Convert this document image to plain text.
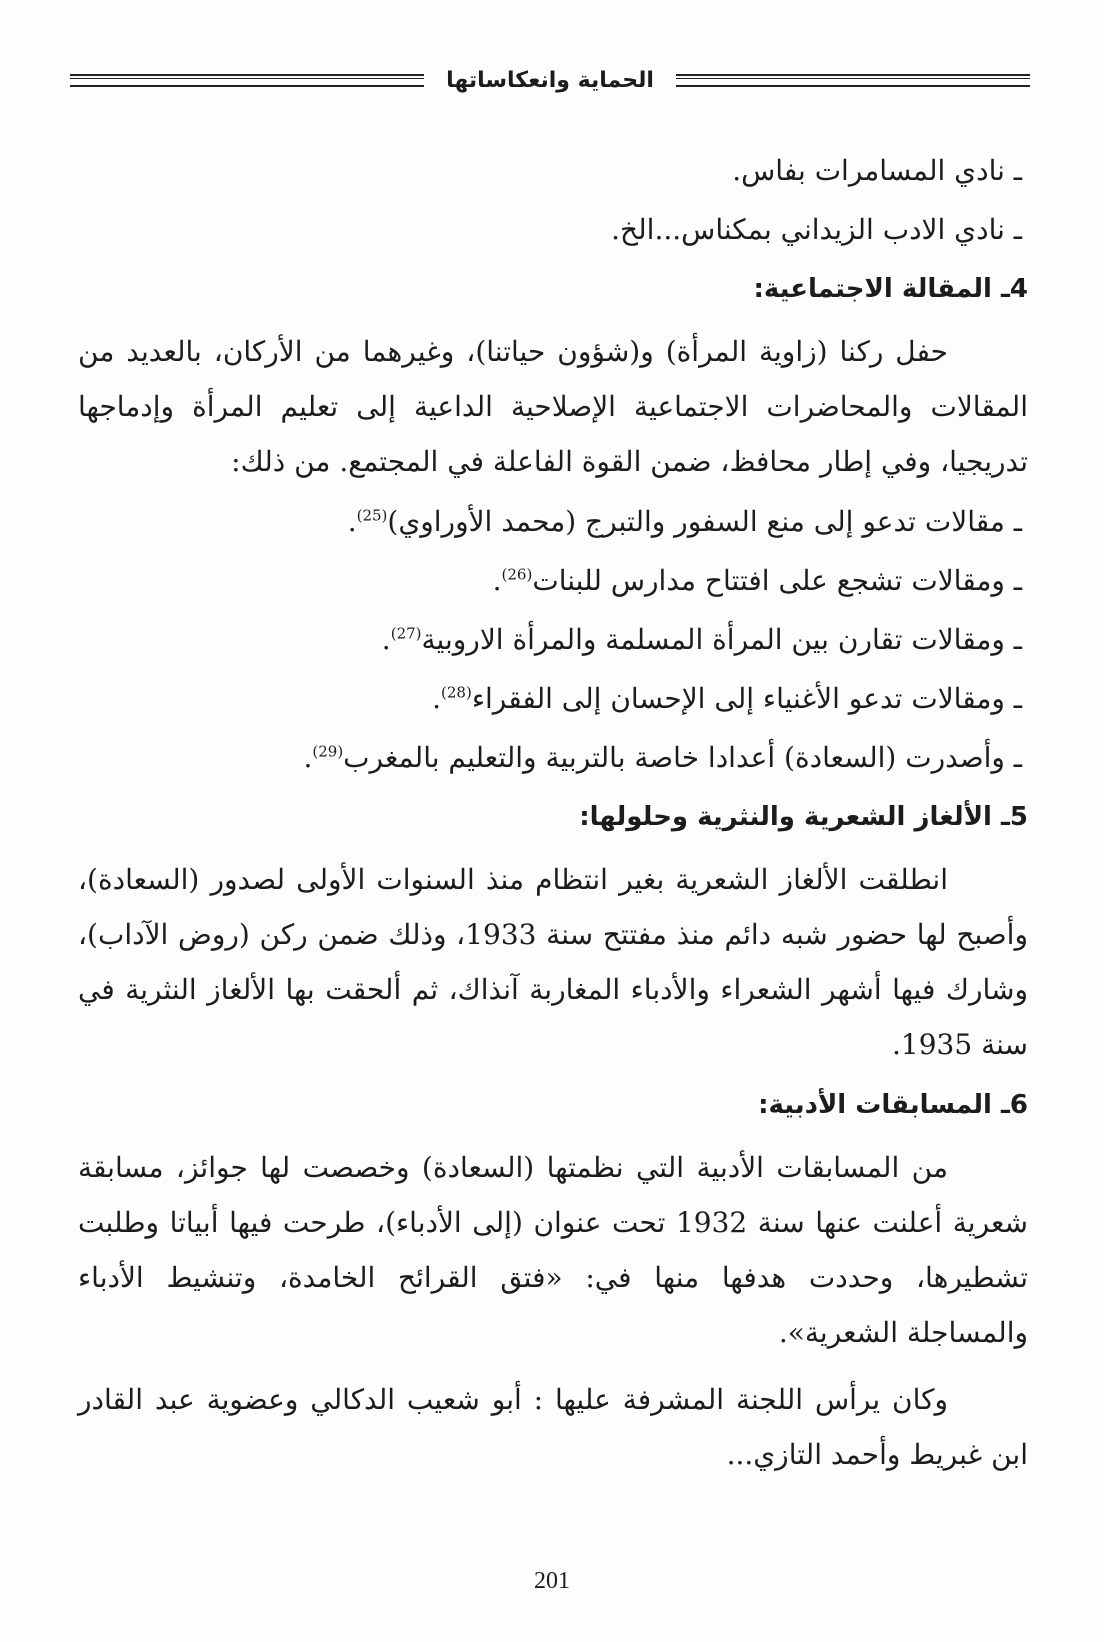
الحماية وانعكاساتها
ـ نادي المسامرات بفاس.
ـ نادي الادب الزيداني بمكناس...الخ.
4ـ المقالة الاجتماعية:

حفل ركنا (زاوية المرأة) و(شؤون حياتنا)، وغيرهما من الأركان، بالعديد من المقالات والمحاضرات الاجتماعية الإصلاحية الداعية إلى تعليم المرأة وإدماجها تدريجيا، وفي إطار محافظ، ضمن القوة الفاعلة في المجتمع. من ذلك:

ـ مقالات تدعو إلى منع السفور والتبرج (محمد الأوراوي)$^{(25)}$.
ـ ومقالات تشجع على افتتاح مدارس للبنات$^{(26)}$.
ـ ومقالات تقارن بين المرأة المسلمة والمرأة الاروبية$^{(27)}$.
ـ ومقالات تدعو الأغنياء إلى الإحسان إلى الفقراء$^{(28)}$.
ـ وأصدرت (السعادة) أعدادا خاصة بالتربية والتعليم بالمغرب$^{(29)}$.
5ـ الألغاز الشعرية والنثرية وحلولها:

انطلقت الألغاز الشعرية بغير انتظام منذ السنوات الأولى لصدور (السعادة)، وأصبح لها حضور شبه دائم منذ مفتتح سنة 1933، وذلك ضمن ركن (روض الآداب)، وشارك فيها أشهر الشعراء والأدباء المغاربة آنذاك، ثم ألحقت بها الألغاز النثرية في سنة 1935.

6ـ المسابقات الأدبية:

من المسابقات الأدبية التي نظمتها (السعادة) وخصصت لها جوائز، مسابقة شعرية أعلنت عنها سنة 1932 تحت عنوان (إلى الأدباء)، طرحت فيها أبياتا وطلبت تشطيرها، وحددت هدفها منها في: «فتق القرائح الخامدة، وتنشيط الأدباء والمساجلة الشعرية».

وكان يرأس اللجنة المشرفة عليها : أبو شعيب الدكالي وعضوية عبد القادر ابن غبريط وأحمد التازي...

201
